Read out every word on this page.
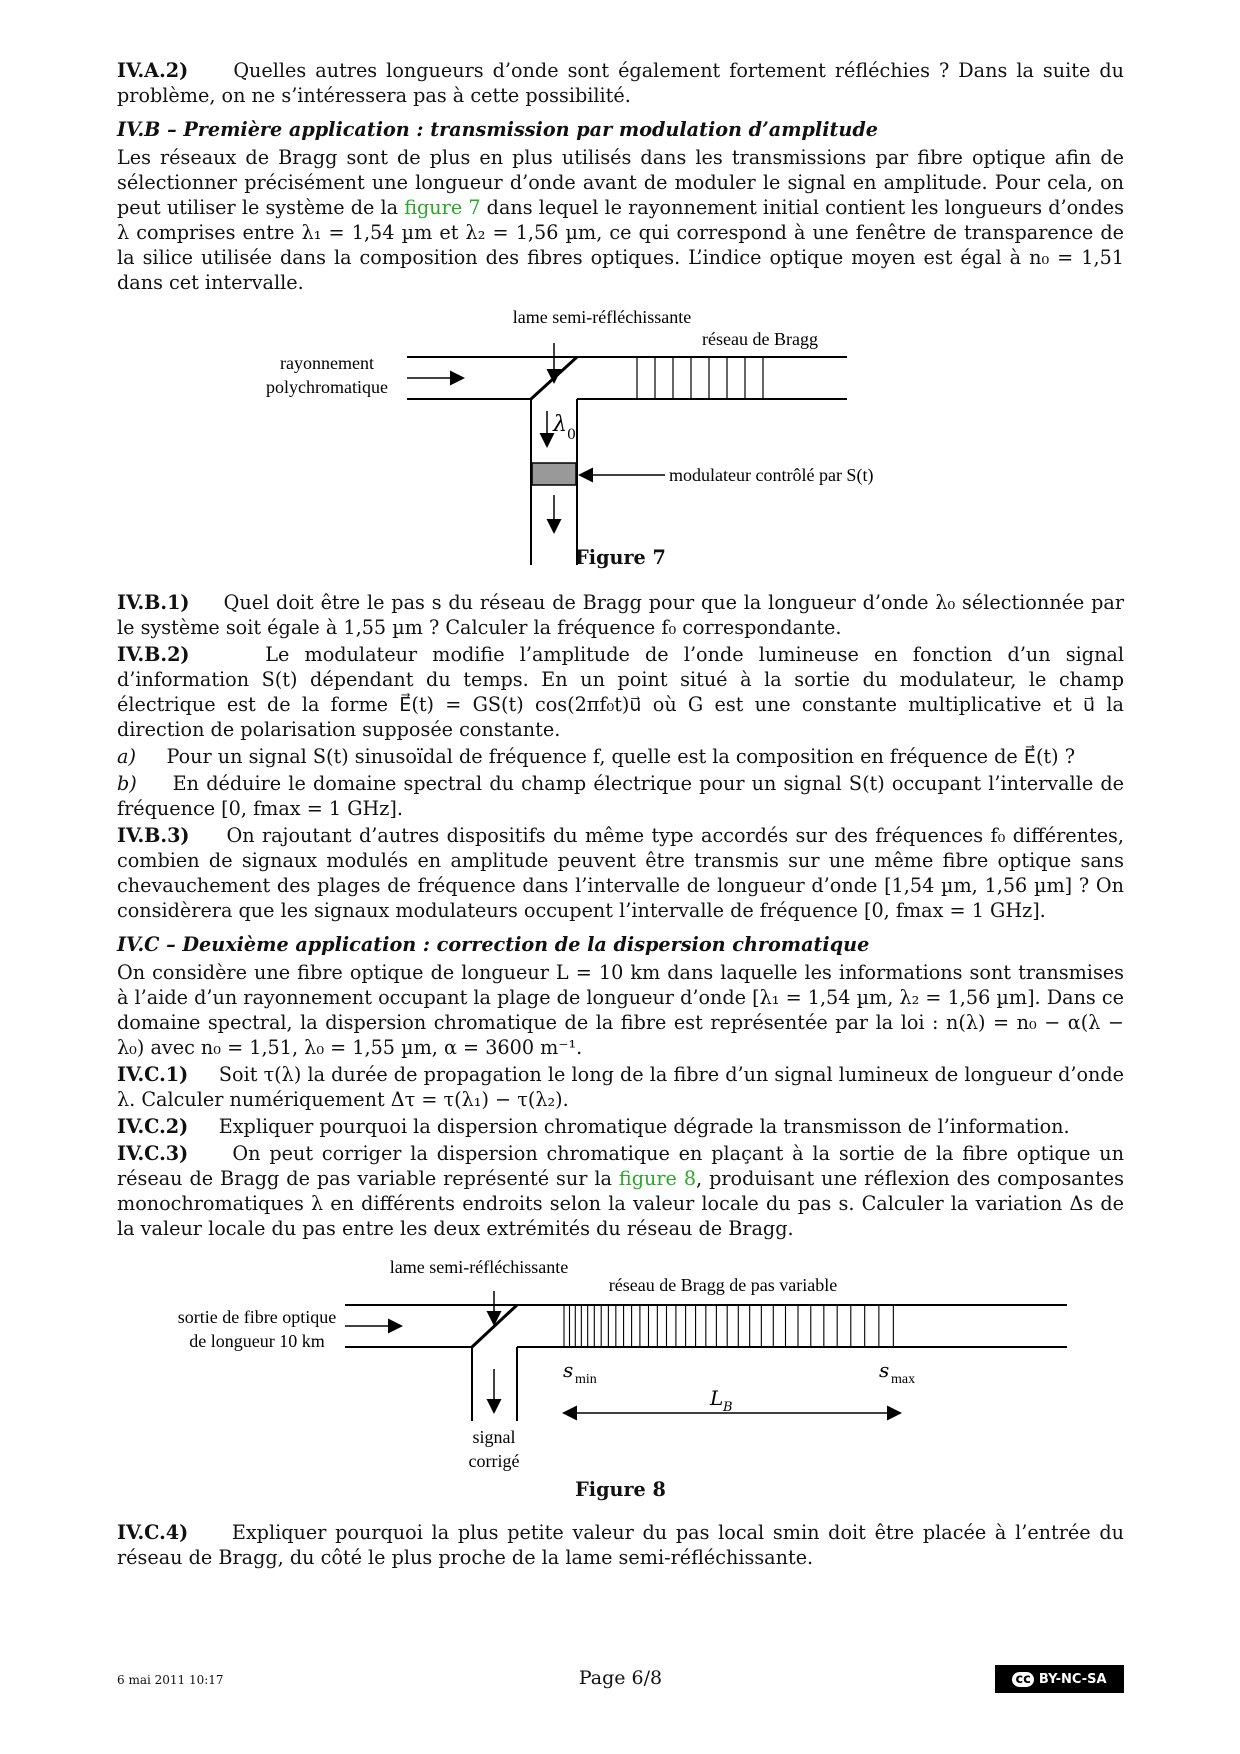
IV.A.2) Quelles autres longueurs d’onde sont également fortement réfléchies ? Dans la suite du problème, on ne s’intéressera pas à cette possibilité.

IV.B – Première application : transmission par modulation d’amplitude

Les réseaux de Bragg sont de plus en plus utilisés dans les transmissions par fibre optique afin de sélectionner précisément une longueur d’onde avant de moduler le signal en amplitude. Pour cela, on peut utiliser le système de la figure 7 dans lequel le rayonnement initial contient les longueurs d’ondes λ comprises entre λ₁ = 1,54 µm et λ₂ = 1,56 µm, ce qui correspond à une fenêtre de transparence de la silice utilisée dans la composition des fibres optiques. L’indice optique moyen est égal à n₀ = 1,51 dans cet intervalle.

lame semi-réfléchissante
réseau de Bragg
rayonnement
polychromatique
modulateur contrôlé par S(t)
λ 0

Figure 7

IV.B.1) Quel doit être le pas s du réseau de Bragg pour que la longueur d’onde λ₀ sélectionnée par le système soit égale à 1,55 µm ? Calculer la fréquence f₀ correspondante.

IV.B.2)	Le modulateur modifie l’amplitude de l’onde lumineuse en fonction d’un signal d’information S(t) dépendant du temps. En un point situé à la sortie du modulateur, le champ électrique est de la forme E⃗(t) = GS(t) cos(2πf₀t)u⃗ où G est une constante multiplicative et u⃗ la direction de polarisation supposée constante.

a) Pour un signal S(t) sinusoïdal de fréquence f, quelle est la composition en fréquence de E⃗(t) ?

b) En déduire le domaine spectral du champ électrique pour un signal S(t) occupant l’intervalle de fréquence [0, fmax = 1 GHz].

IV.B.3) On rajoutant d’autres dispositifs du même type accordés sur des fréquences f₀ différentes, combien de signaux modulés en amplitude peuvent être transmis sur une même fibre optique sans chevauchement des plages de fréquence dans l’intervalle de longueur d’onde [1,54 µm, 1,56 µm] ? On considèrera que les signaux modulateurs occupent l’intervalle de fréquence [0, fmax = 1 GHz].

IV.C – Deuxième application : correction de la dispersion chromatique

On considère une fibre optique de longueur L = 10 km dans laquelle les informations sont transmises à l’aide d’un rayonnement occupant la plage de longueur d’onde [λ₁ = 1,54 µm, λ₂ = 1,56 µm]. Dans ce domaine spectral, la dispersion chromatique de la fibre est représentée par la loi : n(λ) = n₀ − α(λ − λ₀) avec n₀ = 1,51, λ₀ = 1,55 µm, α = 3600 m⁻¹.

IV.C.1) Soit τ(λ) la durée de propagation le long de la fibre d’un signal lumineux de longueur d’onde λ. Calculer numériquement Δτ = τ(λ₁) − τ(λ₂).

IV.C.2) Expliquer pourquoi la dispersion chromatique dégrade la transmisson de l’information.

IV.C.3) On peut corriger la dispersion chromatique en plaçant à la sortie de la fibre optique un réseau de Bragg de pas variable représenté sur la figure 8, produisant une réflexion des composantes monochromatiques λ en différents endroits selon la valeur locale du pas s. Calculer la variation Δs de la valeur locale du pas entre les deux extrémités du réseau de Bragg.

lame semi-réfléchissante
réseau de Bragg de pas variable
sortie de fibre optique
de longueur 10 km
signal
corrigé
s	s
L
min	max
B

Figure 8

IV.C.4) Expliquer pourquoi la plus petite valeur du pas local smin doit être placée à l’entrée du réseau de Bragg, du côté le plus proche de la lame semi-réfléchissante.

6 mai 2011 10:17	Page 6/8	cc BY-NC-SA
